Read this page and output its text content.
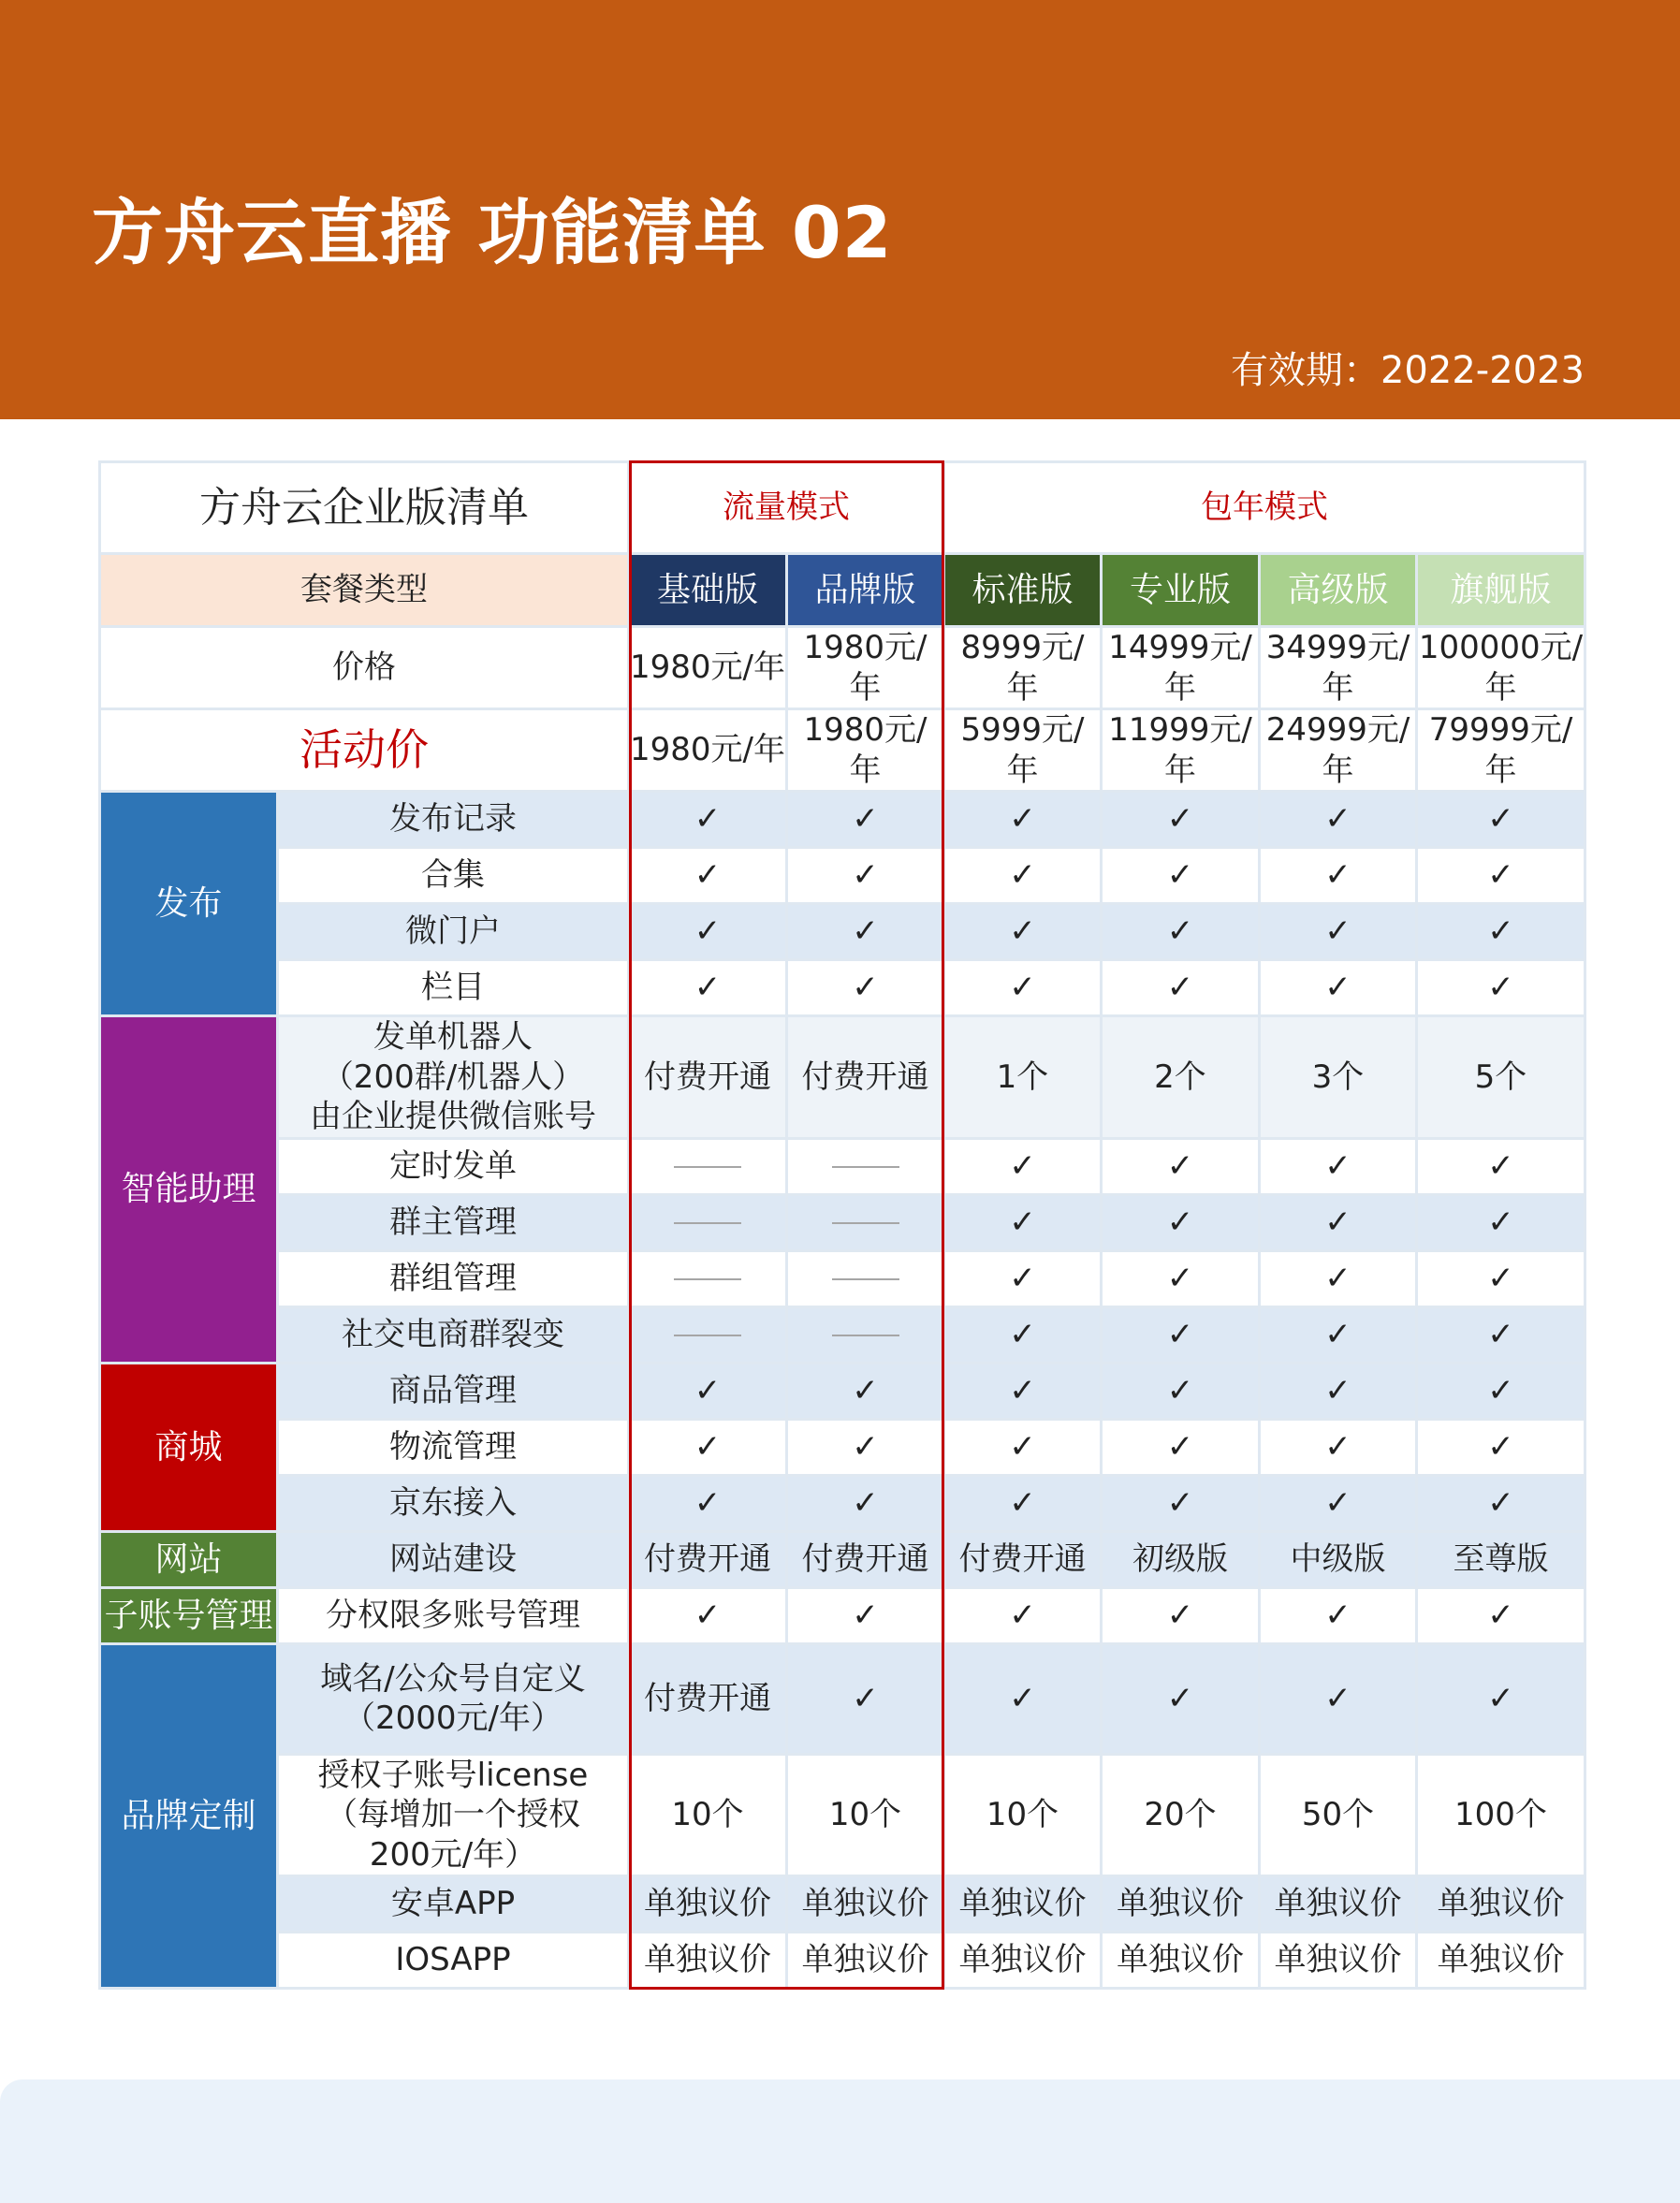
方舟云直播 功能清单 02
有效期：2022-2023
方舟云企业版清单		流量模式		包年模式			
套餐类型		基础版	品牌版	标准版	专业版	高级版	旗舰版
价格		1980元/年	1980元/年	8999元/年	14999元/年	34999元/年	100000元/年
活动价		1980元/年	1980元/年	5999元/年	11999元/年	24999元/年	79999元/年
发布	发布记录	✓	✓	✓	✓	✓	✓
	合集	✓	✓	✓	✓	✓	✓
	微门户	✓	✓	✓	✓	✓	✓
	栏目	✓	✓	✓	✓	✓	✓
智能助理	发单机器人
（200群/机器人）
由企业提供微信账号	付费开通	付费开通	1个	2个	3个	5个
	定时发单			✓	✓	✓	✓
	群主管理			✓	✓	✓	✓
	群组管理			✓	✓	✓	✓
	社交电商群裂变			✓	✓	✓	✓
商城	商品管理	✓	✓	✓	✓	✓	✓
	物流管理	✓	✓	✓	✓	✓	✓
	京东接入	✓	✓	✓	✓	✓	✓
网站	网站建设	付费开通	付费开通	付费开通	初级版	中级版	至尊版
子账号管理	分权限多账号管理	✓	✓	✓	✓	✓	✓
品牌定制	域名/公众号自定义
（2000元/年）	付费开通	✓	✓	✓	✓	✓
	授权子账号license
（每增加一个授权
200元/年）	10个	10个	10个	20个	50个	100个
	安卓APP	单独议价	单独议价	单独议价	单独议价	单独议价	单独议价
	IOSAPP	单独议价	单独议价	单独议价	单独议价	单独议价	单独议价
